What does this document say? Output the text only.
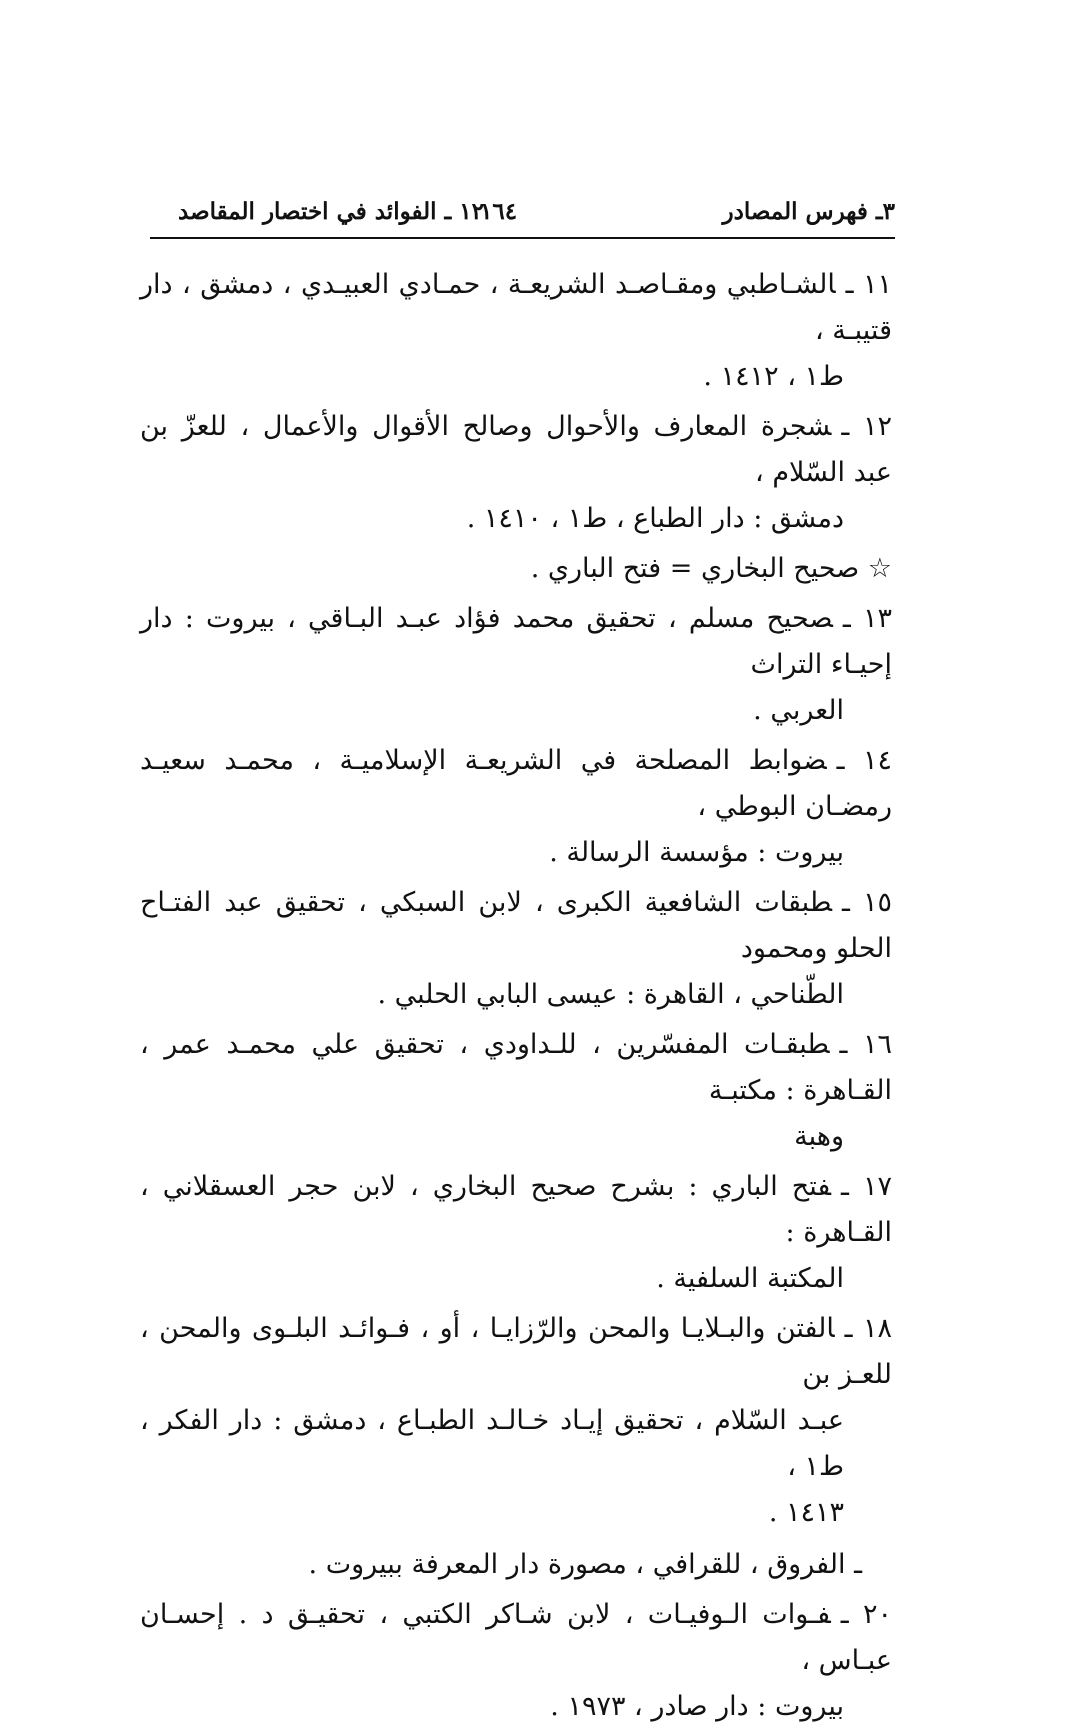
٣ـ فهرس المصادر
١٦٤
١٢ ـ الفوائد في اختصار المقاصد
١١ ـالشـاطبي ومقـاصـد الشريعـة ، حمـادي العبيـدي ، دمشق ، دار قتيبـة ،
ط١ ، ١٤١٢ .
١٢ ـشجرة المعارف والأحوال وصالح الأقوال والأعمال ، للعزّ بن عبد السّلام ،
دمشق : دار الطباع ، ط١ ، ١٤١٠ .
☆ صحيح البخاري = فتح الباري .
١٣ ـصحيح مسلم ، تحقيق محمد فؤاد عبـد البـاقي ، بيروت : دار إحيـاء التراث
العربي .
١٤ ـضوابط المصلحة في الشريعـة الإسلاميـة ، محمـد سعيـد رمضـان البوطي ،
بيروت : مؤسسة الرسالة .
١٥ ـطبقات الشافعية الكبرى ، لابن السبكي ، تحقيق عبد الفتـاح الحلو ومحمود
الطّناحي ، القاهرة : عيسى البابي الحلبي .
١٦ ـطبقـات المفسّرين ، للـداودي ، تحقيق علي محمـد عمر ، القـاهرة : مكتبـة
وهبة
١٧ ـفتح الباري : بشرح صحيح البخاري ، لابن حجر العسقلاني ، القـاهرة :
المكتبة السلفية .
١٨ ـالفتن والبـلايـا والمحن والرّزايـا ، أو ، فـوائـد البلـوى والمحن ، للعـز بن
عبـد السّلام ، تحقيق إيـاد خـالـد الطبـاع ، دمشق : دار الفكر ، ط١ ،
١٤١٣ .
ـ الفروق ، للقرافي ، مصورة دار المعرفة ببيروت .
٢٠ ـفـوات الـوفيـات ، لابن شـاكر الكتبي ، تحقيـق د . إحسـان عبـاس ،
بيروت : دار صادر ، ١٩٧٣ .
